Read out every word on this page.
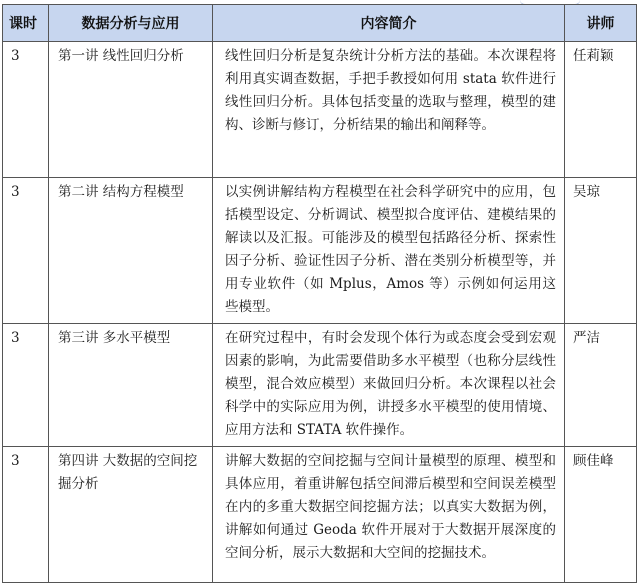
课时	数据分析与应用	内容简介	讲师
3	第一讲 线性回归分析	线性回归分析是复杂统计分析方法的基础。本次课程将利用真实调查数据，手把手教授如何用 stata 软件进行线性回归分析。具体包括变量的选取与整理，模型的建构、诊断与修订，分析结果的输出和阐释等。	任莉颖
3	第二讲 结构方程模型	以实例讲解结构方程模型在社会科学研究中的应用，包括模型设定、分析调试、模型拟合度评估、建模结果的解读以及汇报。可能涉及的模型包括路径分析、探索性因子分析、验证性因子分析、潜在类别分析模型等，并用专业软件（如 Mplus，Amos 等）示例如何运用这些模型。	吴琼
3	第三讲 多水平模型	在研究过程中，有时会发现个体行为或态度会受到宏观因素的影响，为此需要借助多水平模型（也称分层线性模型，混合效应模型）来做回归分析。本次课程以社会科学中的实际应用为例，讲授多水平模型的使用情境、应用方法和 STATA 软件操作。	严洁
3	第四讲 大数据的空间挖掘分析	讲解大数据的空间挖掘与空间计量模型的原理、模型和具体应用，着重讲解包括空间滞后模型和空间误差模型在内的多重大数据空间挖掘方法；以真实大数据为例，讲解如何通过 Geoda 软件开展对于大数据开展深度的空间分析，展示大数据和大空间的挖掘技术。	顾佳峰
